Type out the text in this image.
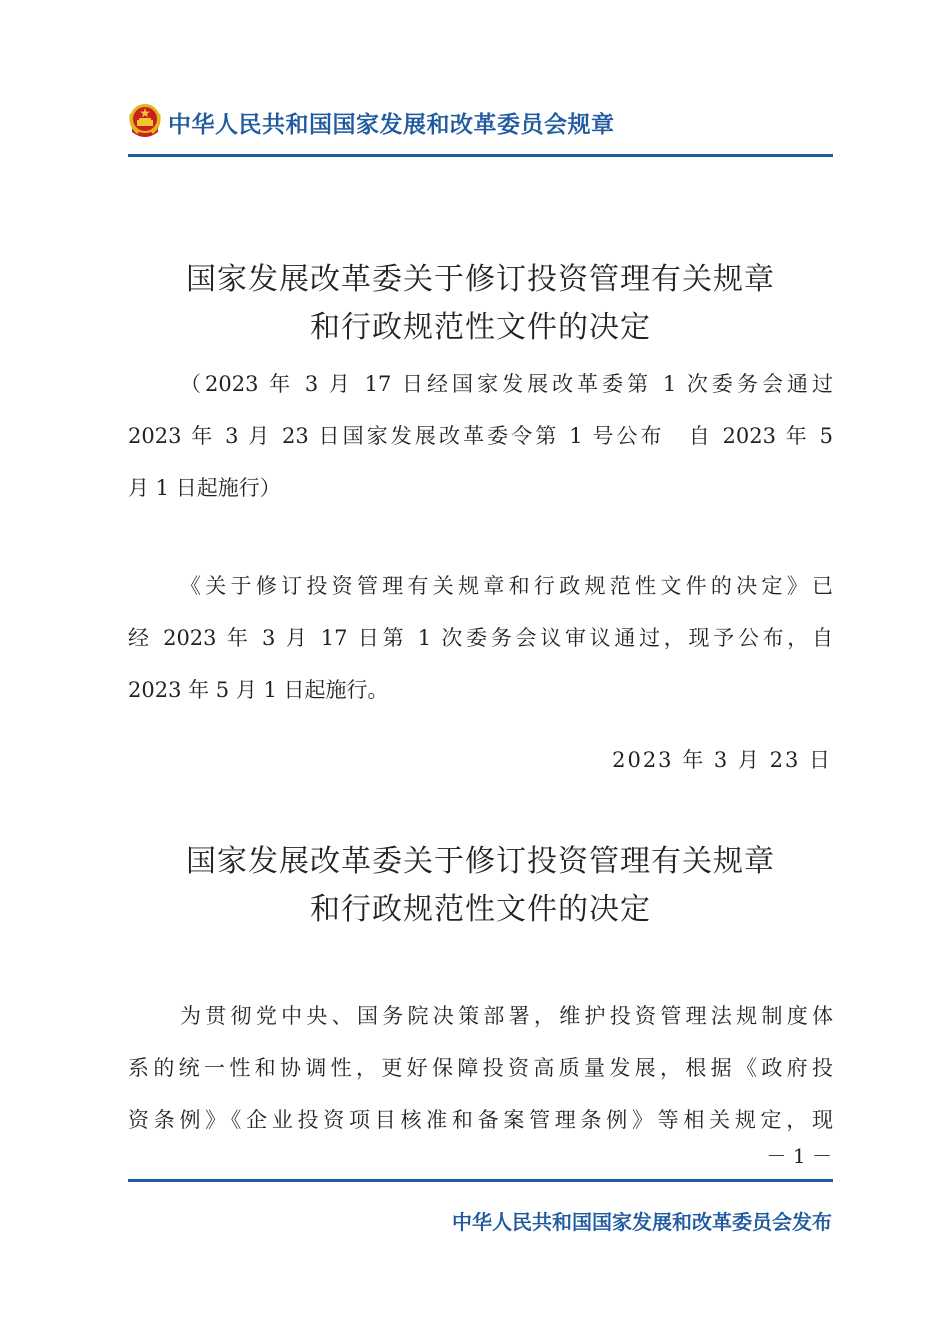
中华人民共和国国家发展和改革委员会规章
国家发展改革委关于修订投资管理有关规章
和行政规范性文件的决定
（2023 年 3 月 17 日经国家发展改革委第 1 次委务会通过
2023 年 3 月 23 日国家发展改革委令第 1 号公布　自 2023 年 5
月 1 日起施行）
《关于修订投资管理有关规章和行政规范性文件的决定》已
经 2023 年 3 月 17 日第 1 次委务会议审议通过，现予公布，自
2023 年 5 月 1 日起施行。
2023 年 3 月 23 日
国家发展改革委关于修订投资管理有关规章
和行政规范性文件的决定
为贯彻党中央、国务院决策部署，维护投资管理法规制度体
系的统一性和协调性，更好保障投资高质量发展，根据《政府投
资条例》《企业投资项目核准和备案管理条例》等相关规定，现
－ 1 －
中华人民共和国国家发展和改革委员会发布
